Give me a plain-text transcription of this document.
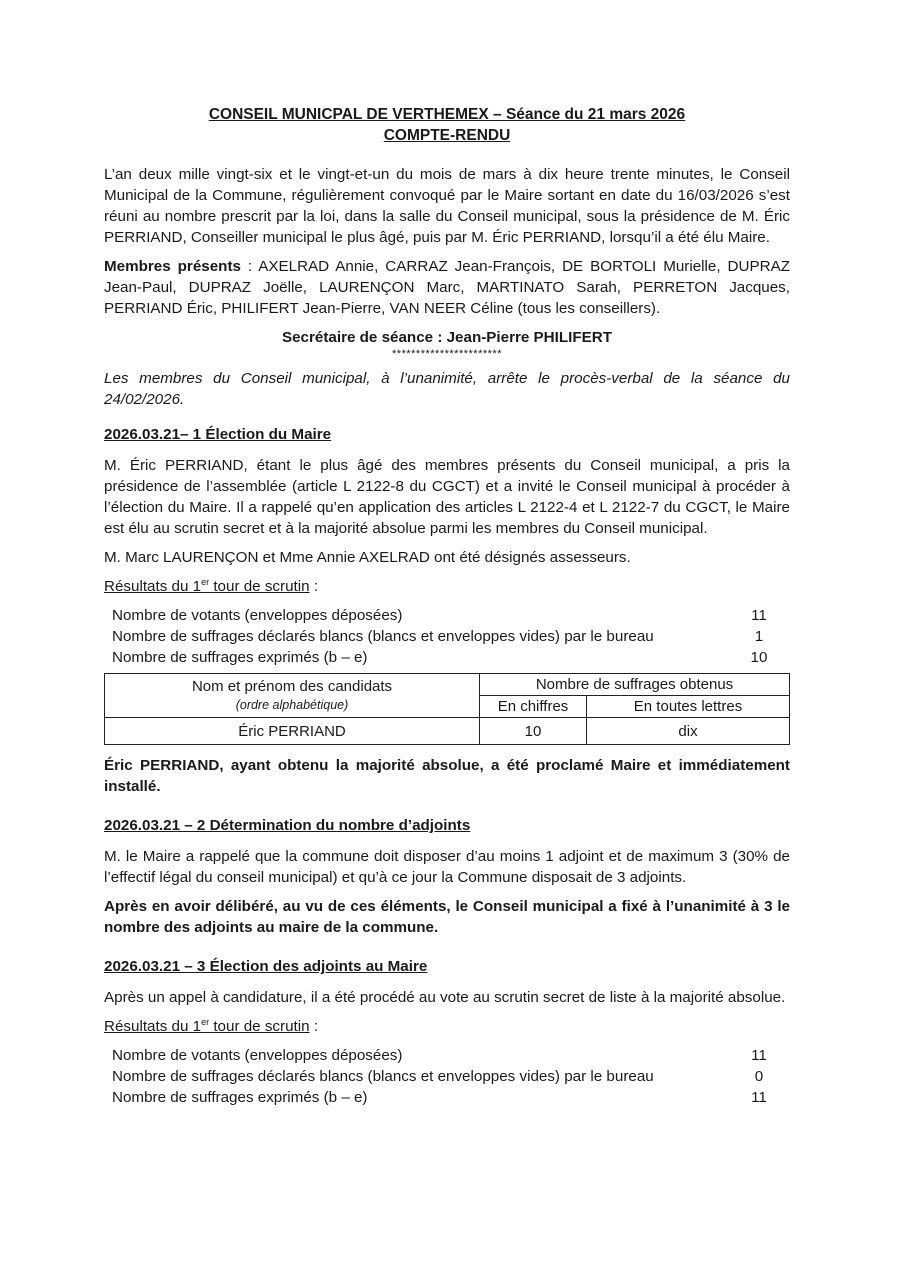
CONSEIL MUNICPAL DE VERTHEMEX – Séance du 21 mars 2026
COMPTE-RENDU

L’an deux mille vingt-six et le vingt-et-un du mois de mars à dix heure trente minutes, le Conseil Municipal de la Commune, régulièrement convoqué par le Maire sortant en date du 16/03/2026 s’est réuni au nombre prescrit par la loi, dans la salle du Conseil municipal, sous la présidence de M. Éric PERRIAND, Conseiller municipal le plus âgé, puis par M. Éric PERRIAND, lorsqu’il a été élu Maire.

Membres présents : AXELRAD Annie, CARRAZ Jean-François, DE BORTOLI Murielle, DUPRAZ Jean-Paul, DUPRAZ Joëlle, LAURENÇON Marc, MARTINATO Sarah, PERRETON Jacques, PERRIAND Éric, PHILIFERT Jean-Pierre, VAN NEER Céline (tous les conseillers).

Secrétaire de séance : Jean-Pierre PHILIFERT

***********************

Les membres du Conseil municipal, à l’unanimité, arrête le procès-verbal de la séance du 24/02/2026.

2026.03.21– 1 Élection du Maire

M. Éric PERRIAND, étant le plus âgé des membres présents du Conseil municipal, a pris la présidence de l’assemblée (article L 2122-8 du CGCT) et a invité le Conseil municipal à procéder à l’élection du Maire. Il a rappelé qu’en application des articles L 2122-4 et L 2122-7 du CGCT, le Maire est élu au scrutin secret et à la majorité absolue parmi les membres du Conseil municipal.

M. Marc LAURENÇON et Mme Annie AXELRAD ont été désignés assesseurs.

Résultats du 1er tour de scrutin :

Nombre de votants (enveloppes déposées)	11
Nombre de suffrages déclarés blancs (blancs et enveloppes vides) par le bureau	1
Nombre de suffrages exprimés (b – e)	10
Nom et prénom des candidats
(ordre alphabétique)	Nombre de suffrages obtenus	
	En chiffres	En toutes lettres
Éric PERRIAND	10	dix

Éric PERRIAND, ayant obtenu la majorité absolue, a été proclamé Maire et immédiatement installé.

2026.03.21 – 2 Détermination du nombre d’adjoints

M. le Maire a rappelé que la commune doit disposer d’au moins 1 adjoint et de maximum 3 (30% de l’effectif légal du conseil municipal) et qu’à ce jour la Commune disposait de 3 adjoints.

Après en avoir délibéré, au vu de ces éléments, le Conseil municipal a fixé à l’unanimité à 3 le nombre des adjoints au maire de la commune.

2026.03.21 – 3 Élection des adjoints au Maire

Après un appel à candidature, il a été procédé au vote au scrutin secret de liste à la majorité absolue.

Résultats du 1er tour de scrutin :

Nombre de votants (enveloppes déposées)	11
Nombre de suffrages déclarés blancs (blancs et enveloppes vides) par le bureau	0
Nombre de suffrages exprimés (b – e)	11
